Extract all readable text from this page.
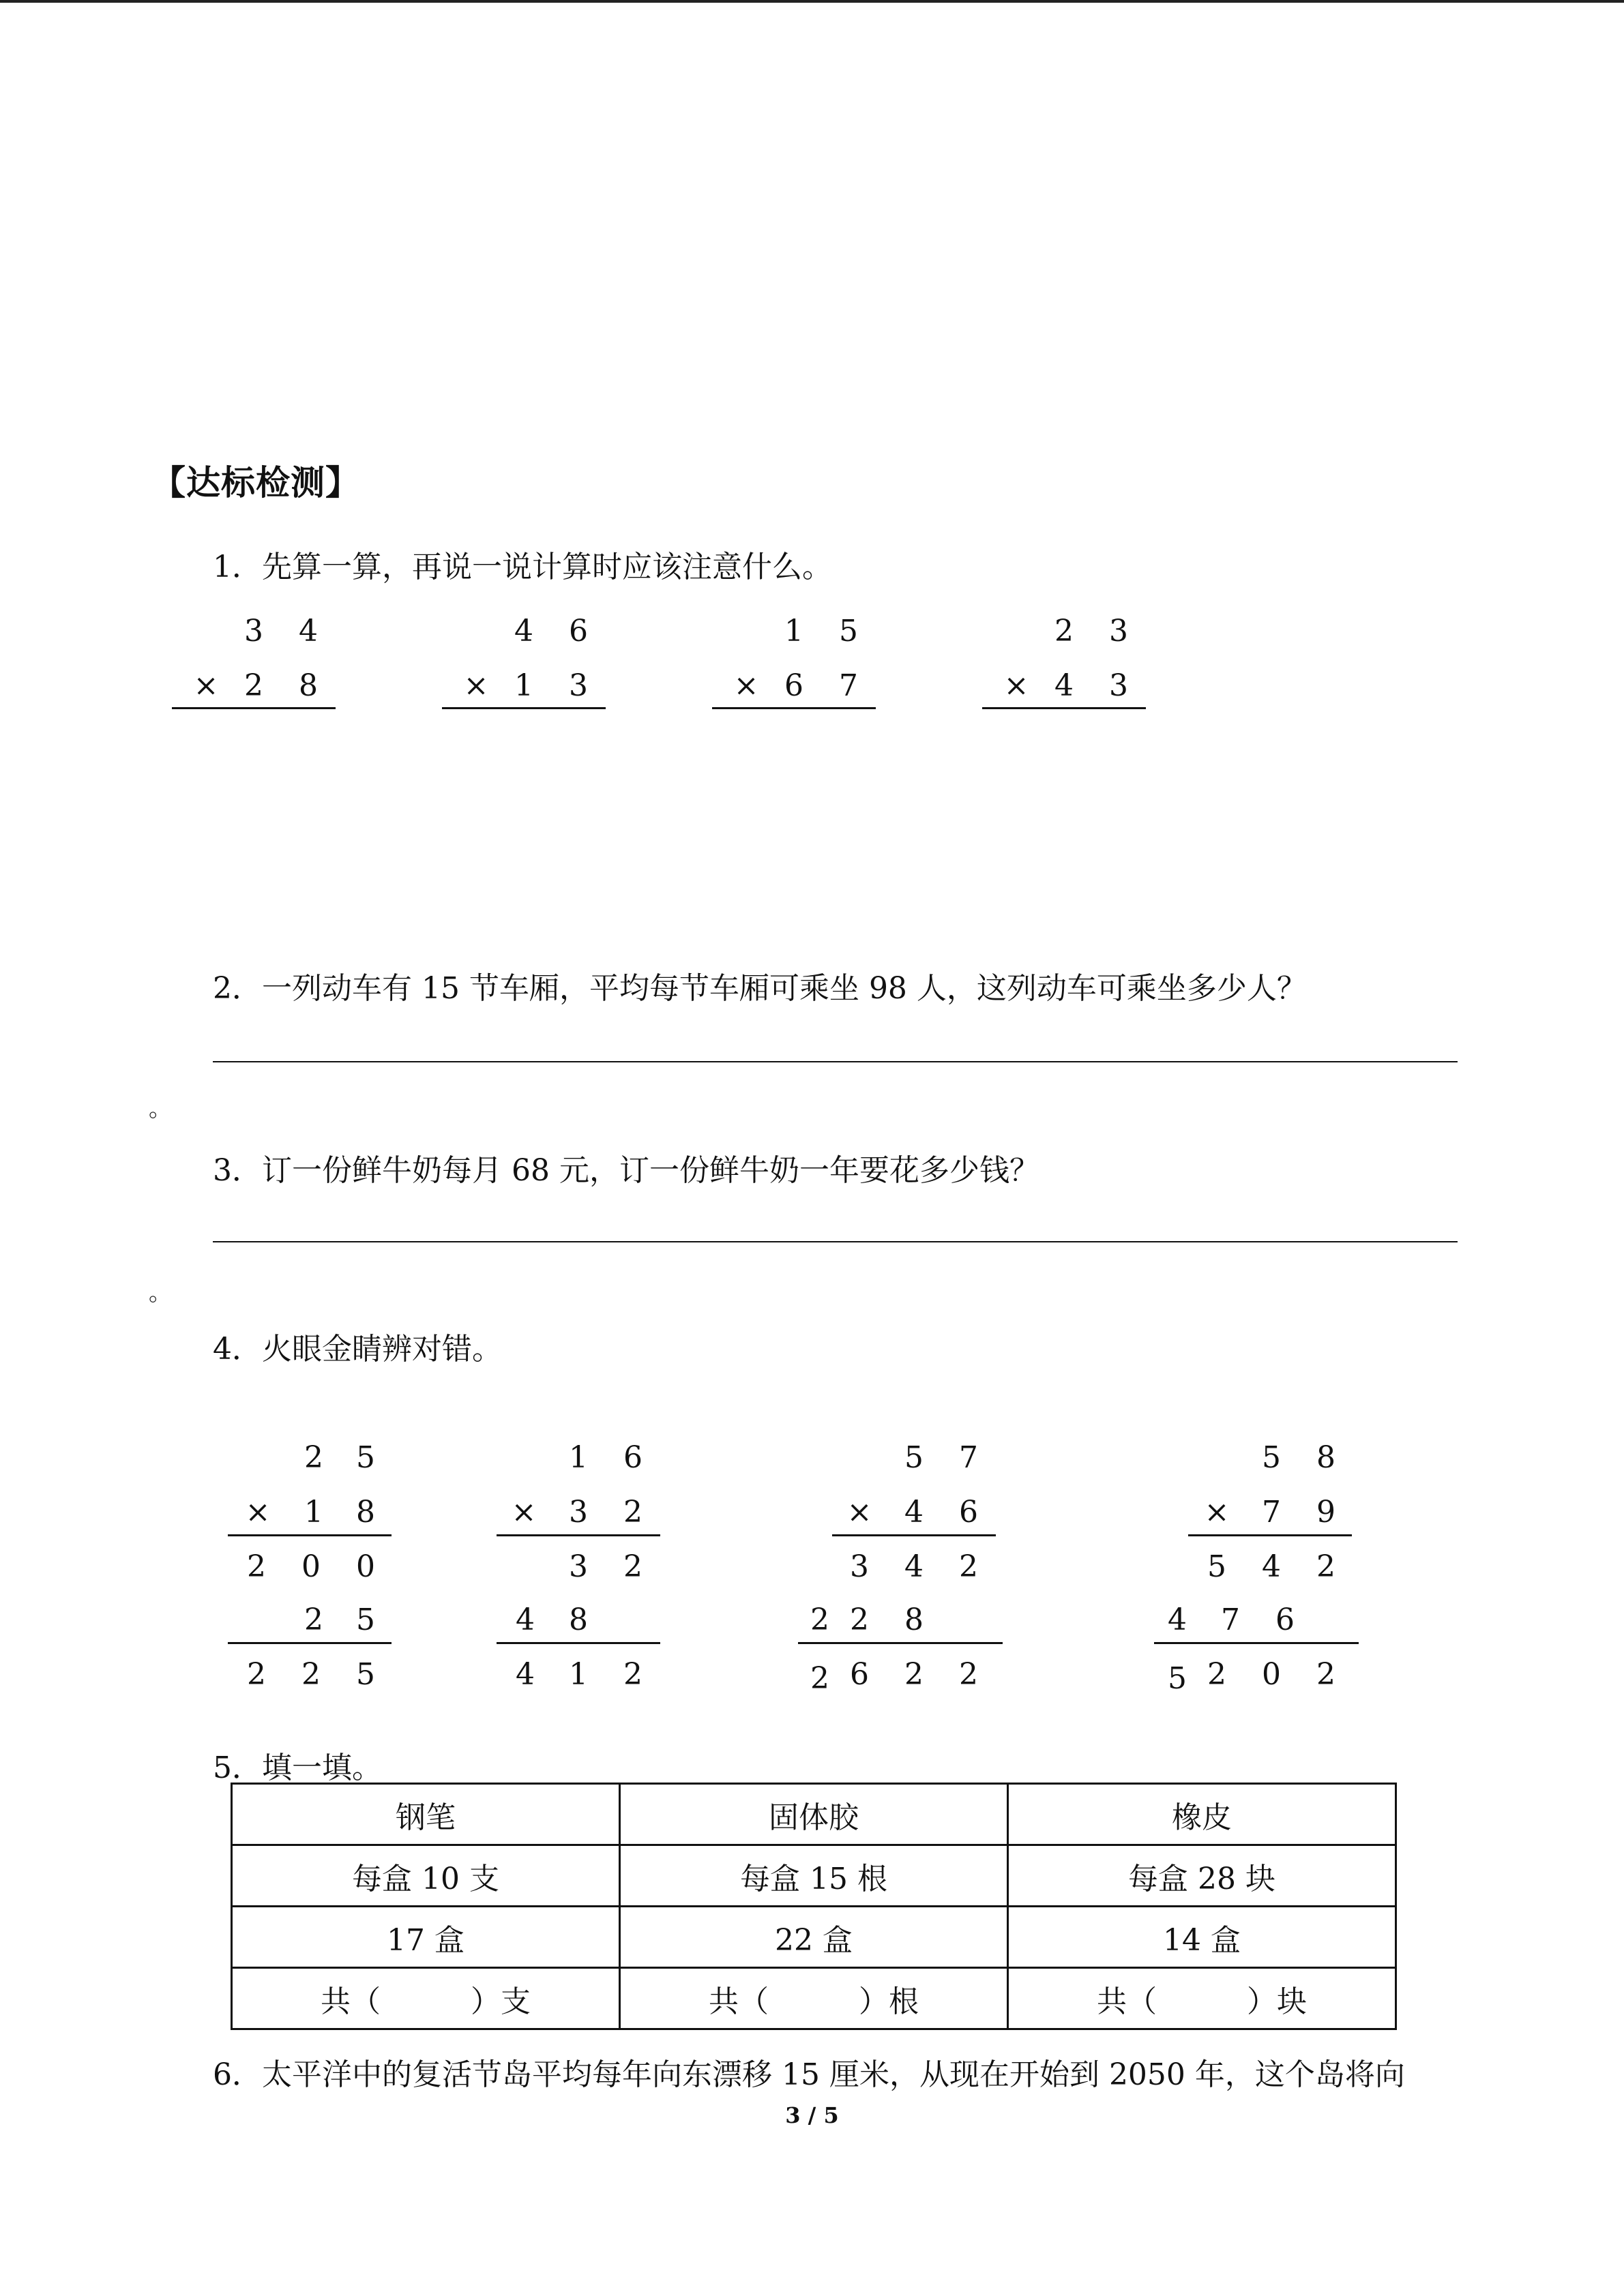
【达标检测】
1．先算一算，再说一说计算时应该注意什么。
3	4
× 2	8
4	6
× 1	3
1	5
× 6	7
2	3
× 4	3
2．一列动车有 15 节车厢，平均每节车厢可乘坐 98 人，这列动车可乘坐多少人？
。
3．订一份鲜牛奶每月 68 元，订一份鲜牛奶一年要花多少钱？
。
4．火眼金睛辨对错。
2	5
×	1	8
2	0	0
2	5
2	2	5
1	6
×	3	2
3	2
4	8
4	1	2
5	7
×	4	6
3	4	2
2 2	8
2 6	2	2
5	8
×	7	9
5	4	2
4	7	6
5 2	0	2
5．填一填。
钢笔	固体胶	橡皮
每盒 10 支	每盒 15 根	每盒 28 块
17 盒	22 盒	14 盒
共（　　　）支	共（　　　）根	共（　　　）块
6．太平洋中的复活节岛平均每年向东漂移 15 厘米，从现在开始到 2050 年，这个岛将向
3 / 5
